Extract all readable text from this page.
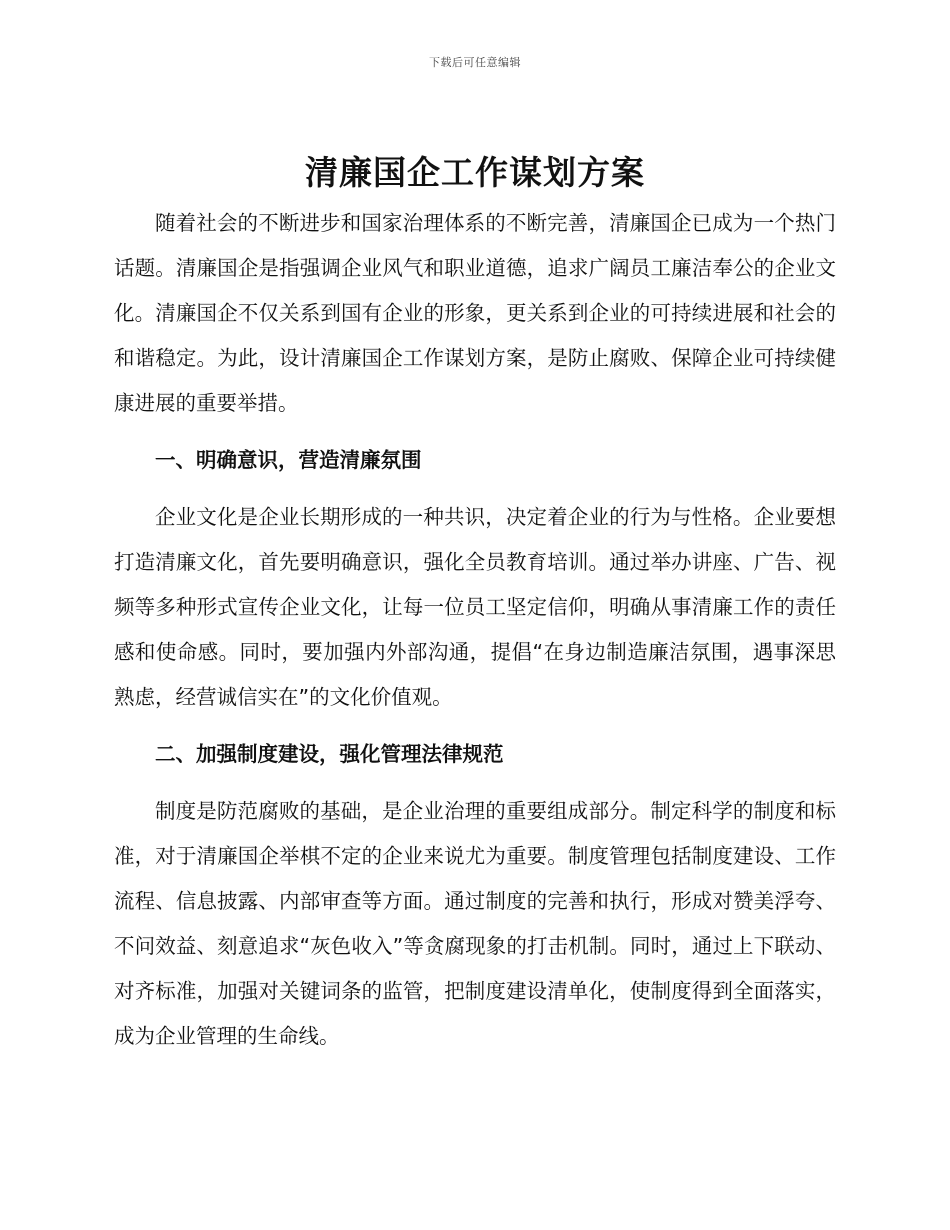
下载后可任意编辑
清廉国企工作谋划方案

随着社会的不断进步和国家治理体系的不断完善，清廉国企已成为一个热门话题。清廉国企是指强调企业风气和职业道德，追求广阔员工廉洁奉公的企业文化。清廉国企不仅关系到国有企业的形象，更关系到企业的可持续进展和社会的和谐稳定。为此，设计清廉国企工作谋划方案，是防止腐败、保障企业可持续健康进展的重要举措。

一、明确意识，营造清廉氛围

企业文化是企业长期形成的一种共识，决定着企业的行为与性格。企业要想打造清廉文化，首先要明确意识，强化全员教育培训。通过举办讲座、广告、视频等多种形式宣传企业文化，让每一位员工坚定信仰，明确从事清廉工作的责任感和使命感。同时，要加强内外部沟通，提倡“在身边制造廉洁氛围，遇事深思熟虑，经营诚信实在”的文化价值观。

二、加强制度建设，强化管理法律规范

制度是防范腐败的基础，是企业治理的重要组成部分。制定科学的制度和标准，对于清廉国企举棋不定的企业来说尤为重要。制度管理包括制度建设、工作流程、信息披露、内部审查等方面。通过制度的完善和执行，形成对赞美浮夸、不问效益、刻意追求“灰色收入”等贪腐现象的打击机制。同时，通过上下联动、对齐标准，加强对关键词条的监管，把制度建设清单化，使制度得到全面落实，成为企业管理的生命线。
